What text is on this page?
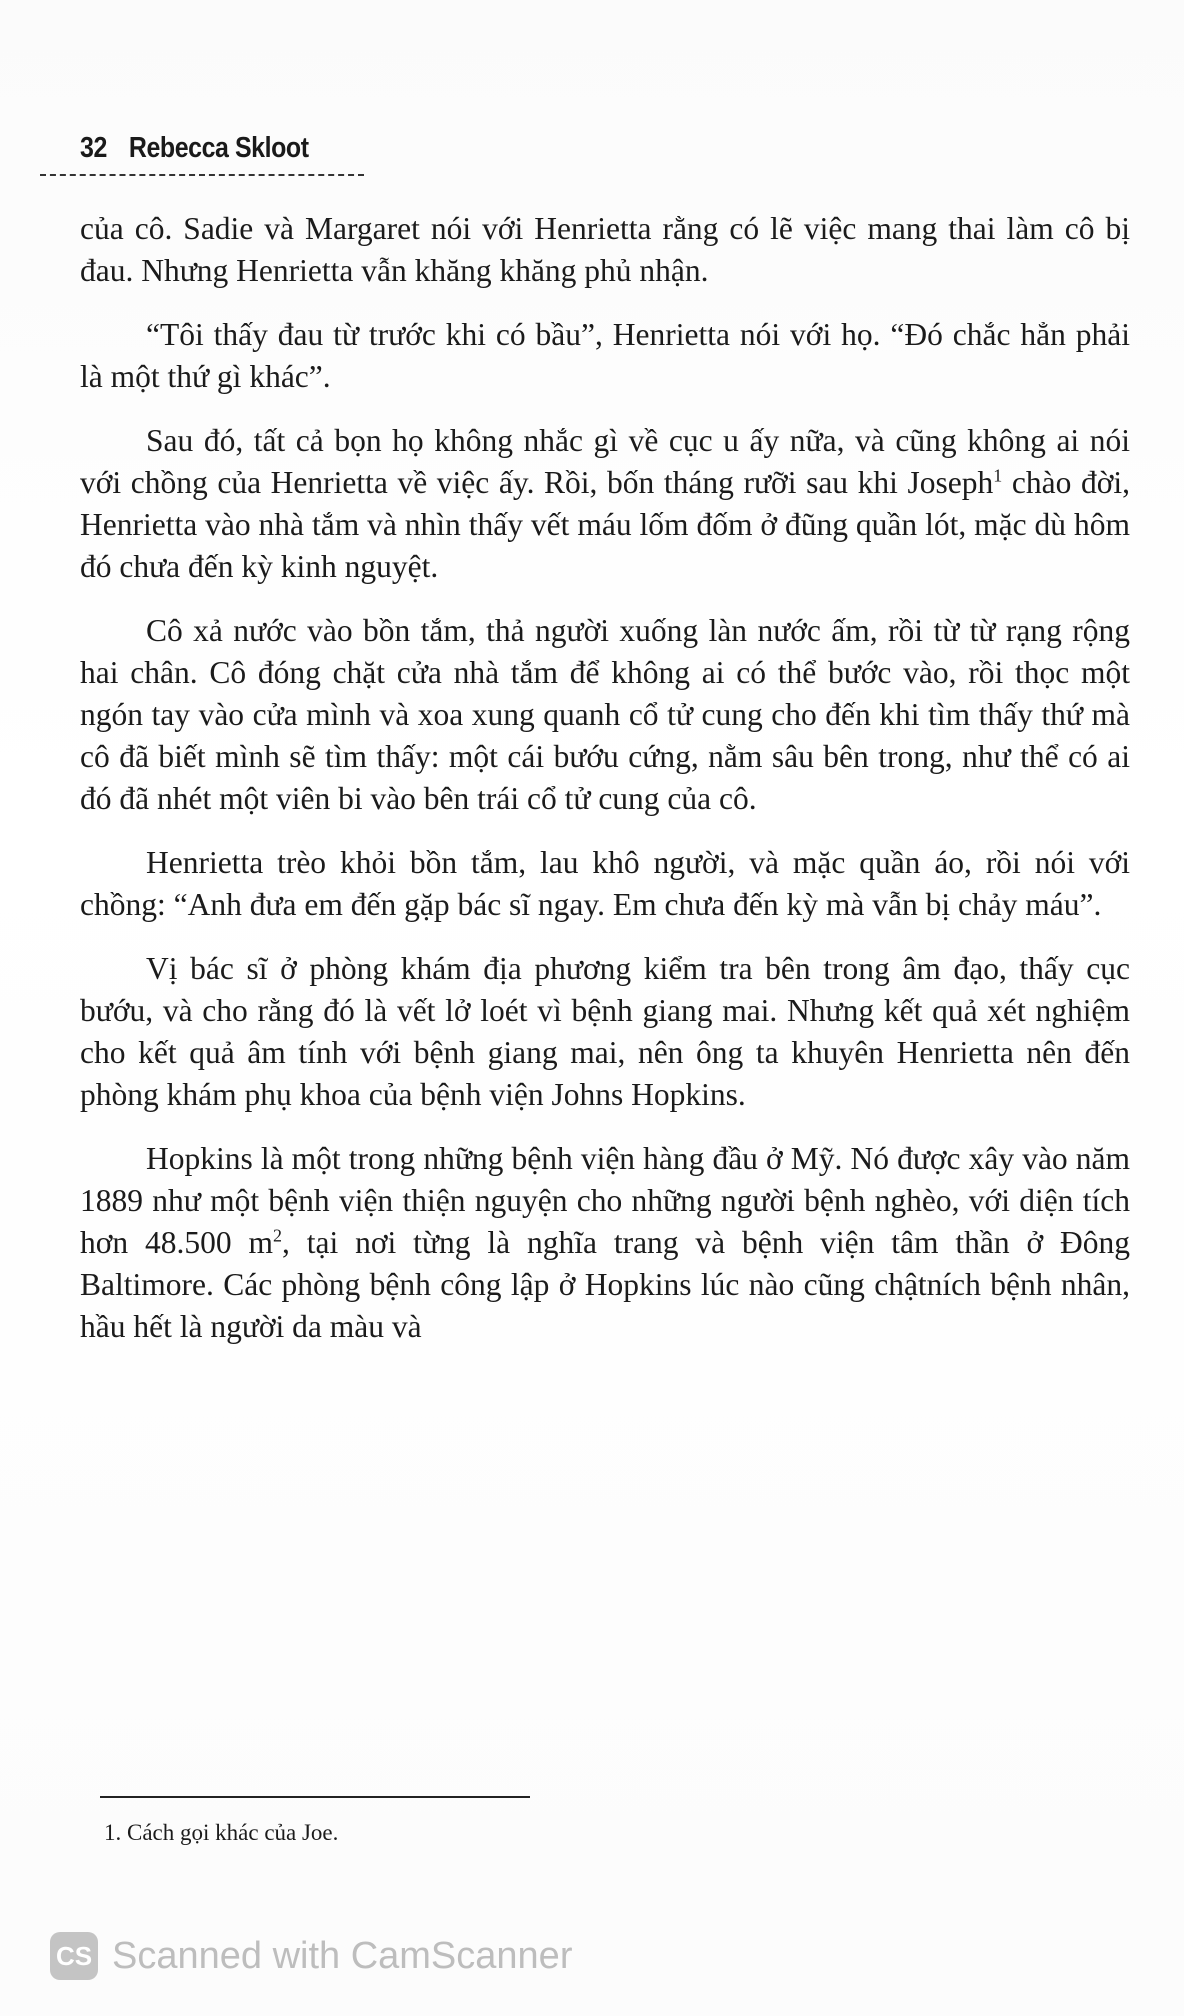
32 Rebecca Skloot

của cô. Sadie và Margaret nói với Henrietta rằng có lẽ việc mang thai làm cô bị đau. Nhưng Henrietta vẫn khăng khăng phủ nhận.

“Tôi thấy đau từ trước khi có bầu”, Henrietta nói với họ. “Đó chắc hẳn phải là một thứ gì khác”.

Sau đó, tất cả bọn họ không nhắc gì về cục u ấy nữa, và cũng không ai nói với chồng của Henrietta về việc ấy. Rồi, bốn tháng rưỡi sau khi Joseph$^1$ chào đời, Henrietta vào nhà tắm và nhìn thấy vết máu lốm đốm ở đũng quần lót, mặc dù hôm đó chưa đến kỳ kinh nguyệt.

Cô xả nước vào bồn tắm, thả người xuống làn nước ấm, rồi từ từ rạng rộng hai chân. Cô đóng chặt cửa nhà tắm để không ai có thể bước vào, rồi thọc một ngón tay vào cửa mình và xoa xung quanh cổ tử cung cho đến khi tìm thấy thứ mà cô đã biết mình sẽ tìm thấy: một cái bướu cứng, nằm sâu bên trong, như thể có ai đó đã nhét một viên bi vào bên trái cổ tử cung của cô.

Henrietta trèo khỏi bồn tắm, lau khô người, và mặc quần áo, rồi nói với chồng: “Anh đưa em đến gặp bác sĩ ngay. Em chưa đến kỳ mà vẫn bị chảy máu”.

Vị bác sĩ ở phòng khám địa phương kiểm tra bên trong âm đạo, thấy cục bướu, và cho rằng đó là vết lở loét vì bệnh giang mai. Nhưng kết quả xét nghiệm cho kết quả âm tính với bệnh giang mai, nên ông ta khuyên Henrietta nên đến phòng khám phụ khoa của bệnh viện Johns Hopkins.

Hopkins là một trong những bệnh viện hàng đầu ở Mỹ. Nó được xây vào năm 1889 như một bệnh viện thiện nguyện cho những người bệnh nghèo, với diện tích hơn 48.500 $m^2$, tại nơi từng là nghĩa trang và bệnh viện tâm thần ở Đông Baltimore. Các phòng bệnh công lập ở Hopkins lúc nào cũng chậtních bệnh nhân, hầu hết là người da màu và

1. Cách gọi khác của Joe.
CS Scanned with CamScanner
